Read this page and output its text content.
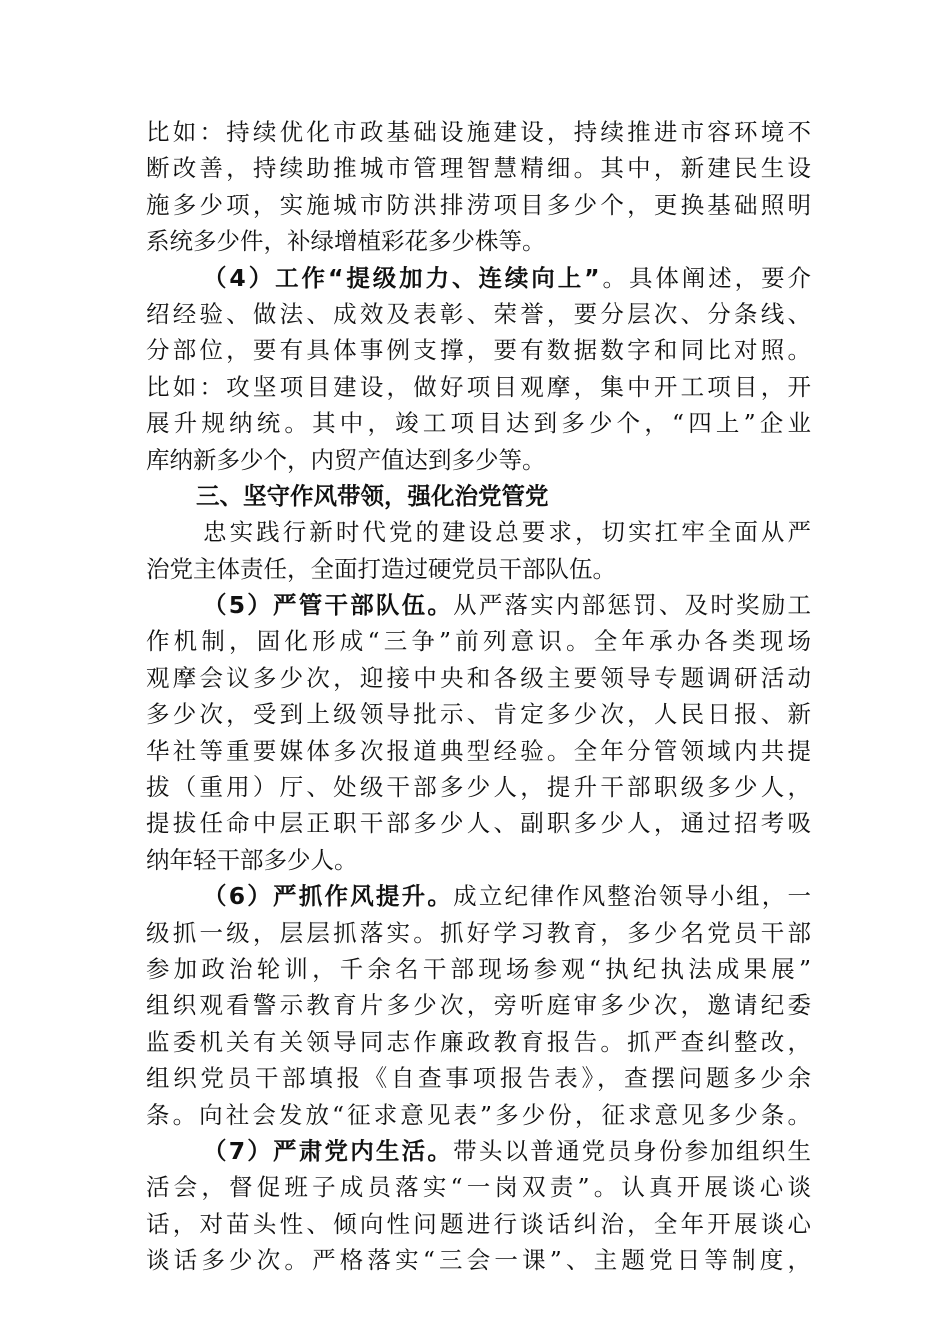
比如：持续优化市政基础设施建设，持续推进市容环境不
断改善，持续助推城市管理智慧精细。其中，新建民生设
施多少项，实施城市防洪排涝项目多少个，更换基础照明
系统多少件，补绿增植彩花多少株等。
（4）工作“提级加力、连续向上”。具体阐述，要介
绍经验、做法、成效及表彰、荣誉，要分层次、分条线、
分部位，要有具体事例支撑，要有数据数字和同比对照。
比如：攻坚项目建设，做好项目观摩，集中开工项目，开
展升规纳统。其中，竣工项目达到多少个，“四上”企业
库纳新多少个，内贸产值达到多少等。
三、坚守作风带领，强化治党管党
忠实践行新时代党的建设总要求，切实扛牢全面从严
治党主体责任，全面打造过硬党员干部队伍。
（5）严管干部队伍。从严落实内部惩罚、及时奖励工
作机制，固化形成“三争”前列意识。全年承办各类现场
观摩会议多少次，迎接中央和各级主要领导专题调研活动
多少次，受到上级领导批示、肯定多少次，人民日报、新
华社等重要媒体多次报道典型经验。全年分管领域内共提
拔（重用）厅、处级干部多少人，提升干部职级多少人，
提拔任命中层正职干部多少人、副职多少人，通过招考吸
纳年轻干部多少人。
（6）严抓作风提升。成立纪律作风整治领导小组，一
级抓一级，层层抓落实。抓好学习教育，多少名党员干部
参加政治轮训，千余名干部现场参观“执纪执法成果展”
组织观看警示教育片多少次，旁听庭审多少次，邀请纪委
监委机关有关领导同志作廉政教育报告。抓严查纠整改，
组织党员干部填报《自查事项报告表》，查摆问题多少余
条。向社会发放“征求意见表”多少份，征求意见多少条。
（7）严肃党内生活。带头以普通党员身份参加组织生
活会，督促班子成员落实“一岗双责”。认真开展谈心谈
话，对苗头性、倾向性问题进行谈话纠治，全年开展谈心
谈话多少次。严格落实“三会一课”、主题党日等制度，
